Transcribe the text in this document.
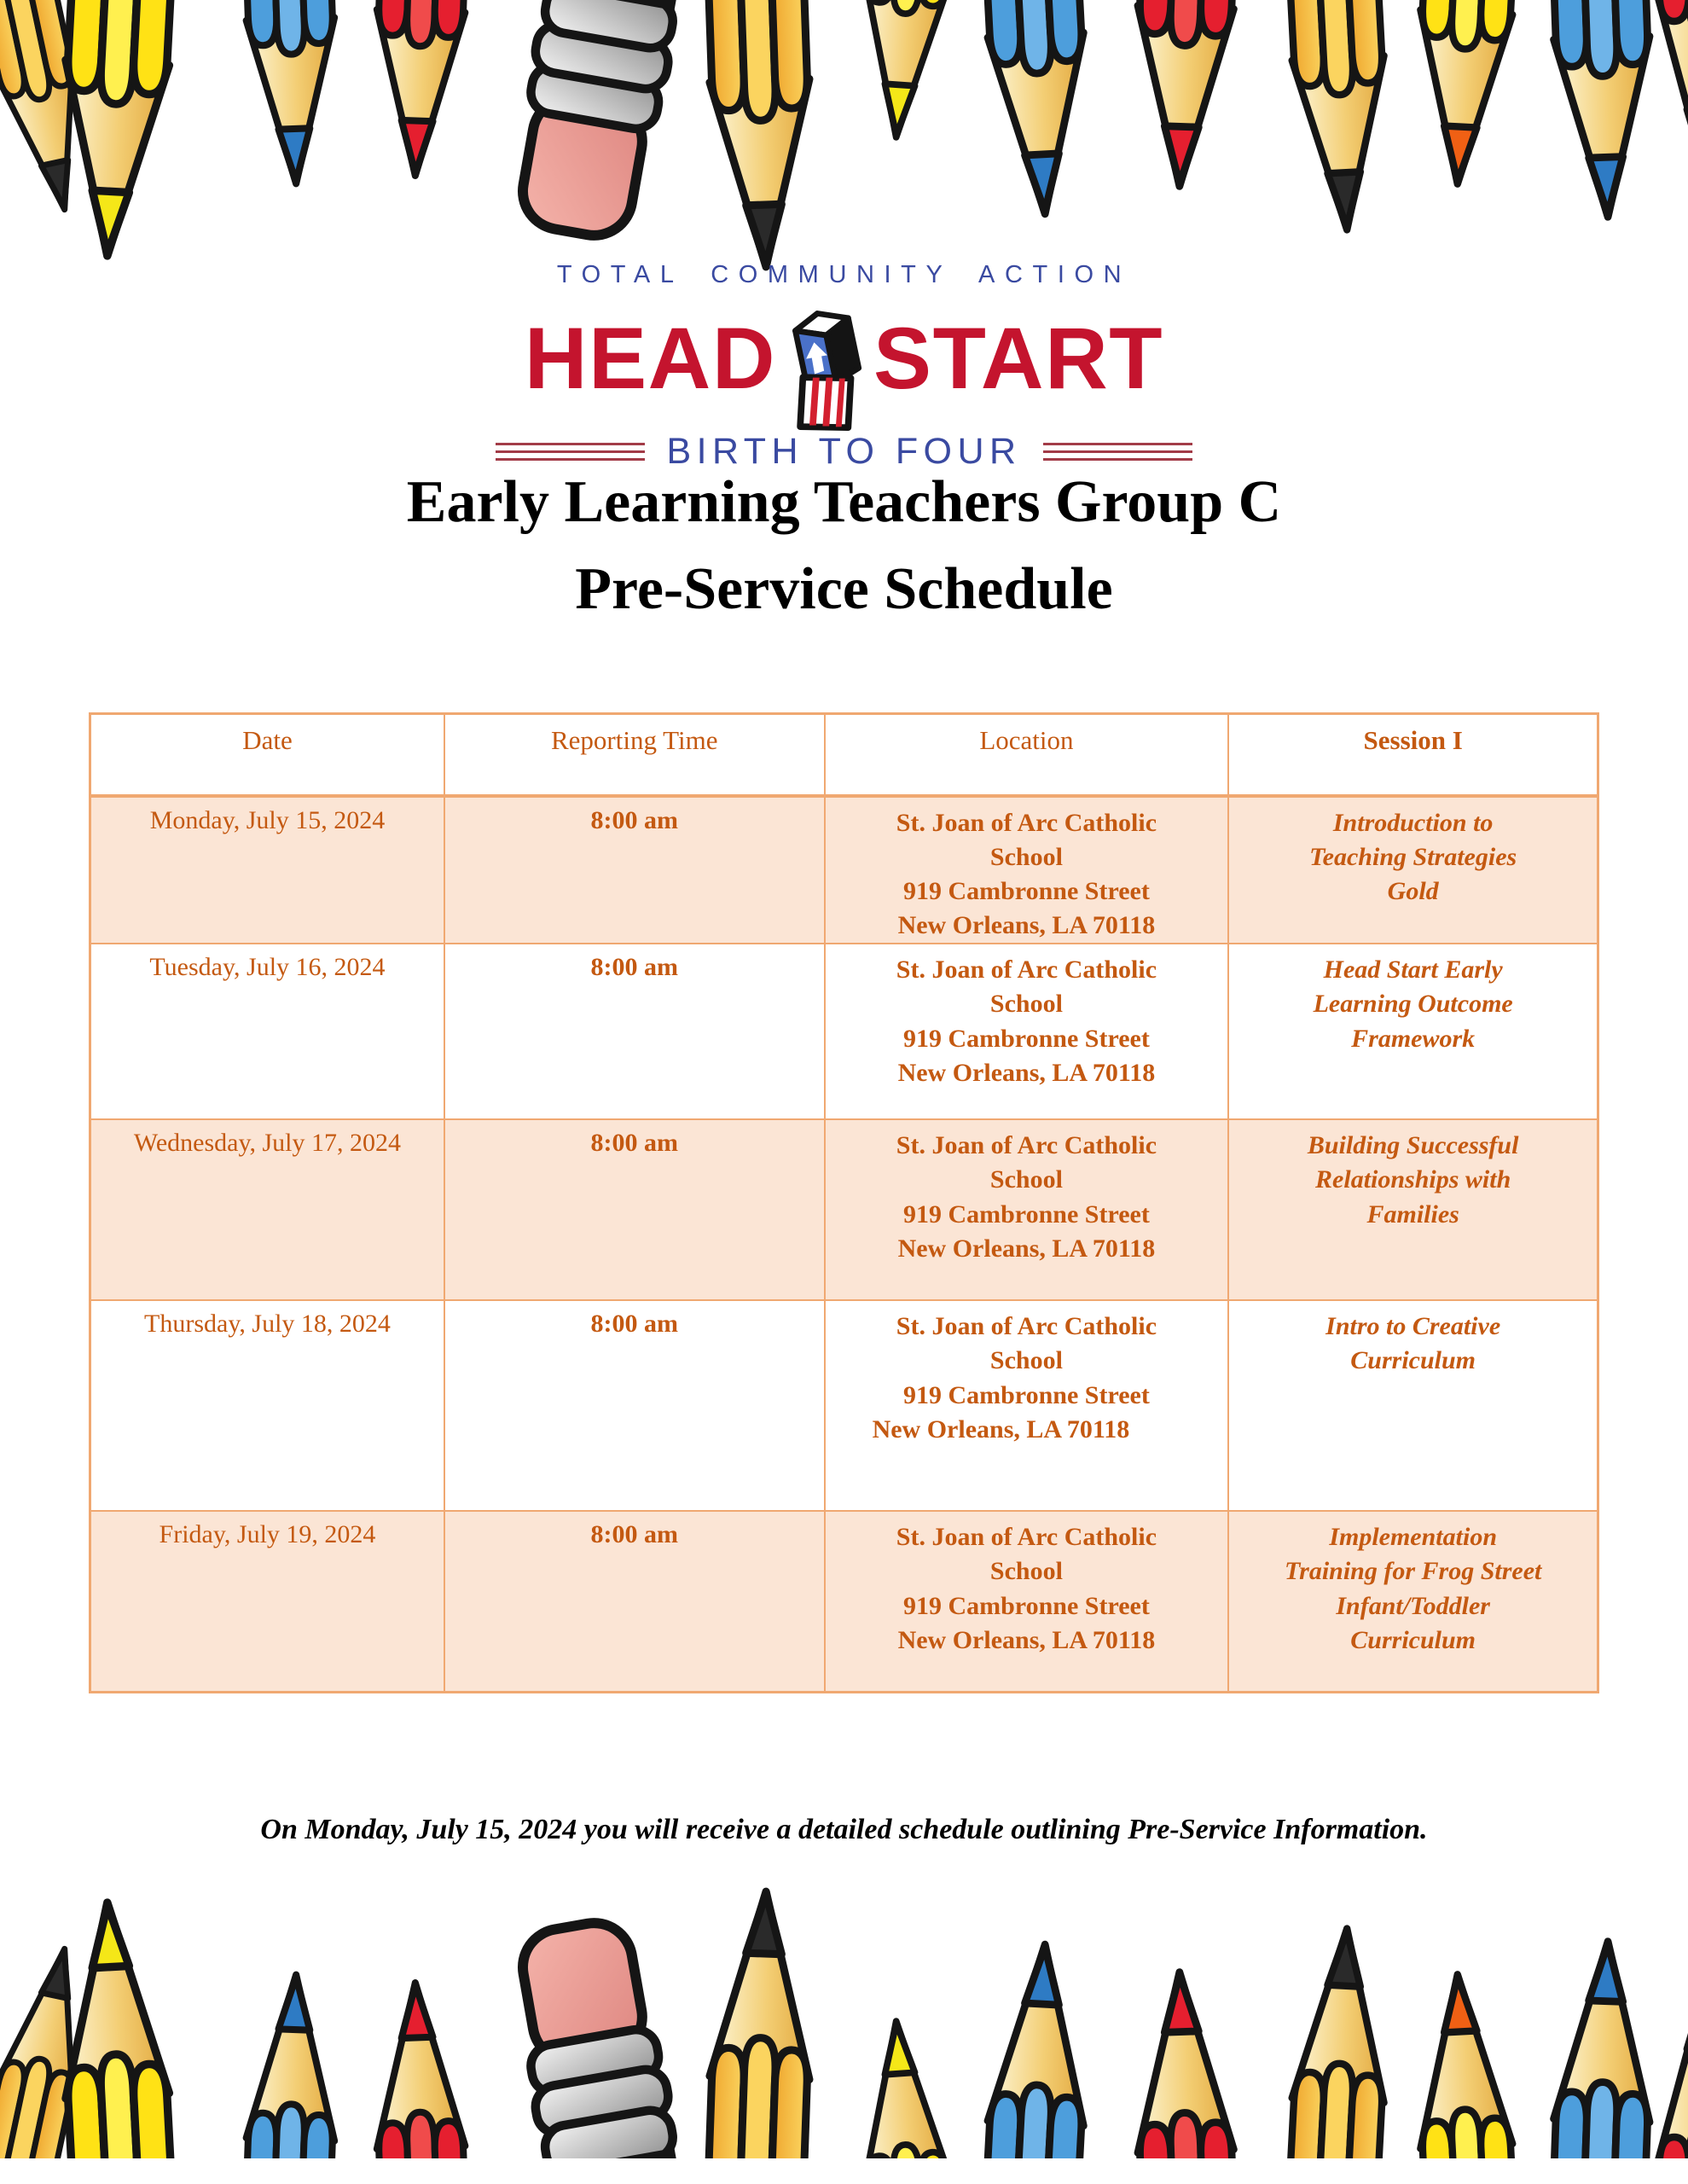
TOTAL COMMUNITY ACTION
HEAD START
BIRTH TO FOUR
Early Learning Teachers Group C
Pre-Service Schedule
Date	Reporting Time	Location	Session I
Monday, July 15, 2024	8:00 am	St. Joan of Arc Catholic
School
919 Cambronne Street
New Orleans, LA 70118	Introduction to
Teaching Strategies
Gold
Tuesday, July 16, 2024	8:00 am	St. Joan of Arc Catholic
School
919 Cambronne Street
New Orleans, LA 70118	Head Start Early
Learning Outcome
Framework
Wednesday, July 17, 2024	8:00 am	St. Joan of Arc Catholic
School
919 Cambronne Street
New Orleans, LA 70118	Building Successful
Relationships with
Families
Thursday, July 18, 2024	8:00 am	St. Joan of Arc Catholic
School
919 Cambronne Street
New Orleans, LA 70118	Intro to Creative
Curriculum
Friday, July 19, 2024	8:00 am	St. Joan of Arc Catholic
School
919 Cambronne Street
New Orleans, LA 70118	Implementation
Training for Frog Street
Infant/Toddler
Curriculum

On Monday, July 15, 2024 you will receive a detailed schedule outlining Pre-Service Information.
